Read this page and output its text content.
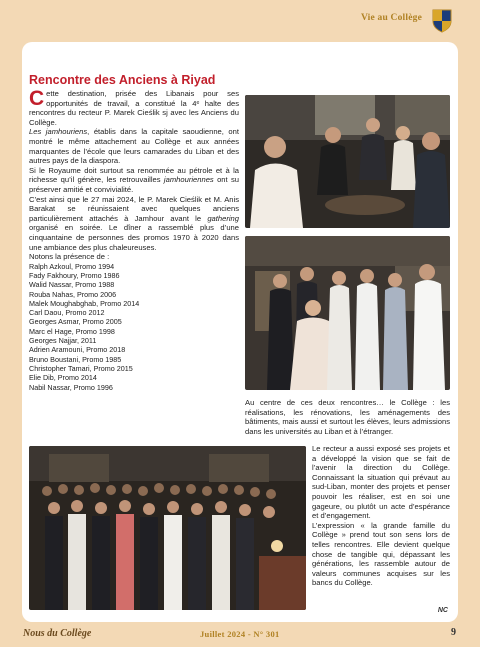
Vie au Collège
Rencontre des Anciens à Riyad

Cette destination, prisée des Libanais pour ses opportunités de travail, a constitué la 4ᵉ halte des rencontres du recteur P. Marek Cieślik sj avec les Anciens du Collège.

Les jamhouriens, établis dans la capitale saoudienne, ont montré le même attachement au Collège et aux années marquantes de l’école que leurs camarades du Liban et des autres pays de la diaspora.

Si le Royaume doit surtout sa renommée au pétrole et à la richesse qu’il génère, les retrouvailles jamhouriennes ont su préserver amitié et convivialité.

C’est ainsi que le 27 mai 2024, le P. Marek Cieślik et M. Anis Barakat se réunissaient avec quelques anciens particulièrement attachés à Jamhour avant le gathering organisé en soirée. Le dîner a rassemblé plus d’une cinquantaine de personnes des promos 1970 à 2020 dans une ambiance des plus chaleureuses.

Notons la présence de :

Ralph Azkoul, Promo 1994
Fady Fakhoury, Promo 1986
Walid Nassar, Promo 1988
Rouba Nahas, Promo 2006
Malek Moughabghab, Promo 2014
Carl Daou, Promo 2012
Georges Asmar, Promo 2005
Marc el Hage, Promo 1998
Georges Najjar, 2011
Adrien Aramouni, Promo 2018
Bruno Boustani, Promo 1985
Christopher Tamari, Promo 2015
Elie Dib, Promo 2014
Nabil Nassar, Promo 1996
Au centre de ces deux rencontres… le Collège : les réalisations, les rénovations, les aménagements des bâtiments, mais aussi et surtout les élèves, leurs admissions dans les universités au Liban et à l’étranger.

Le recteur a aussi exposé ses projets et a développé la vision que se fait de l’avenir la direction du Collège. Connaissant la situation qui prévaut au sud-Liban, monter des projets et penser pouvoir les réaliser, est en soi une gageure, ou plutôt un acte d’espérance et d’engagement.

L’expression « la grande famille du Collège » prend tout son sens lors de telles rencontres. Elle devient quelque chose de tangible qui, dépassant les générations, les rassemble autour de valeurs communes acquises sur les bancs du Collège.

NC
Nous du Collège	Juillet 2024 - N° 301	9
